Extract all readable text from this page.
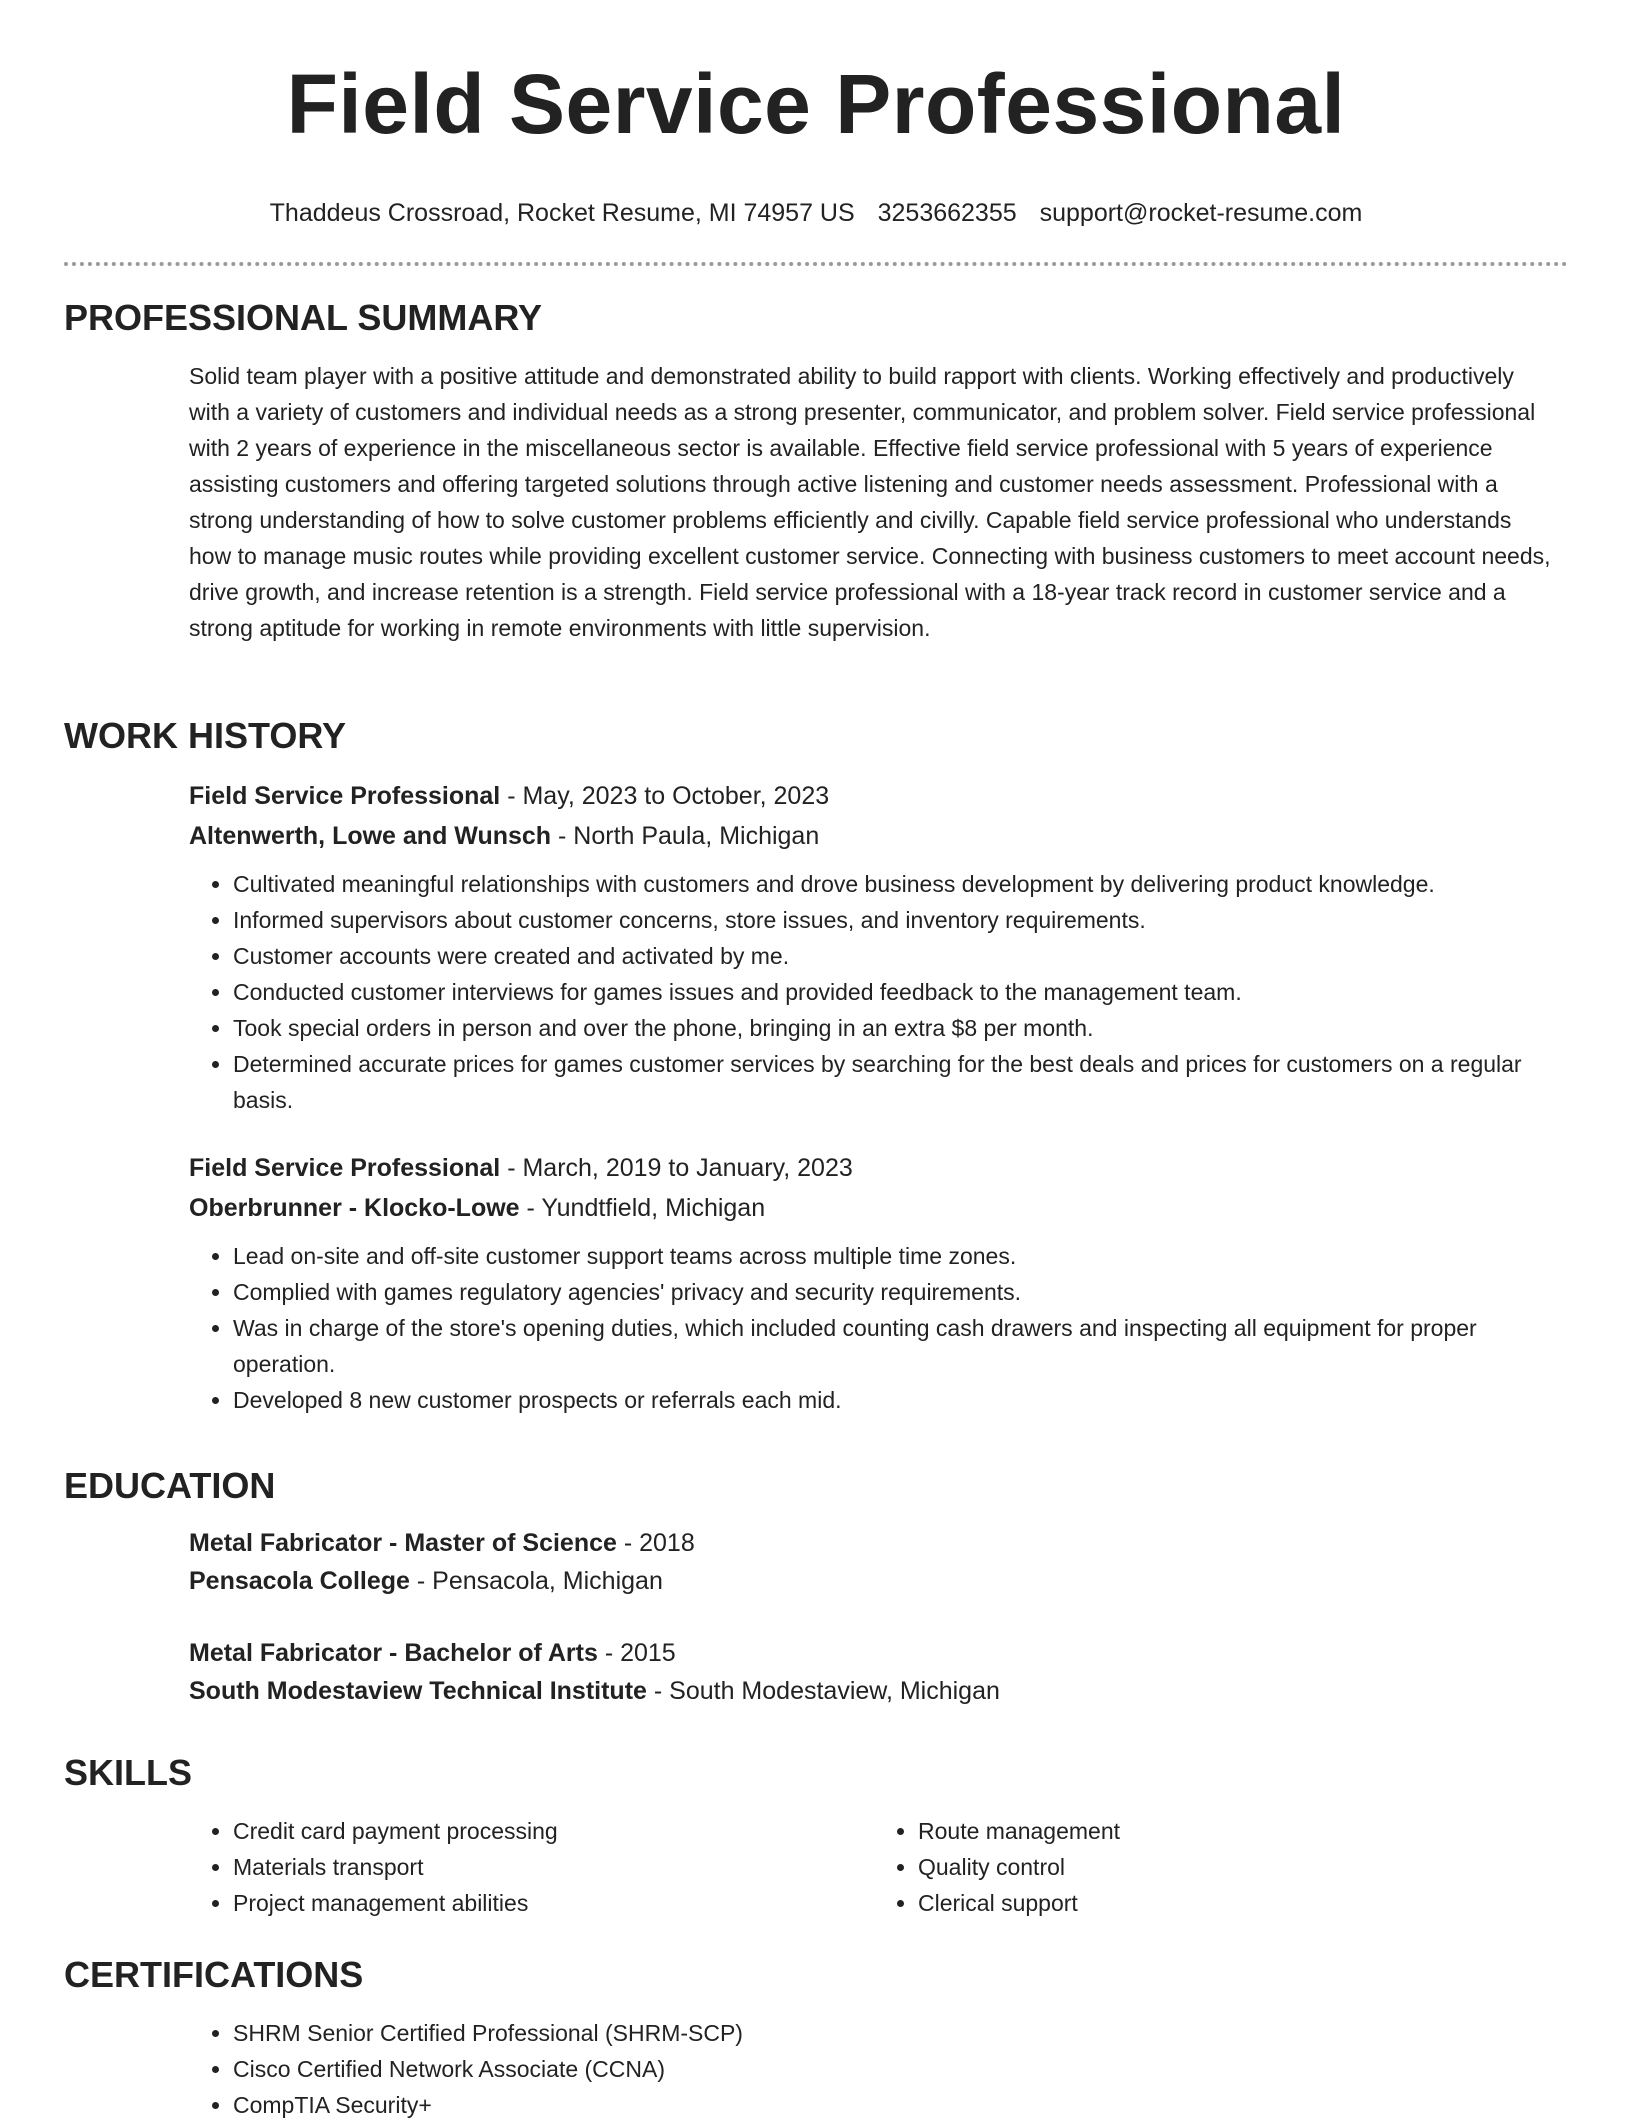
Field Service Professional
Thaddeus Crossroad, Rocket Resume, MI 74957 US 3253662355 support@rocket-resume.com
PROFESSIONAL SUMMARY
Solid team player with a positive attitude and demonstrated ability to build rapport with clients. Working effectively and productively with a variety of customers and individual needs as a strong presenter, communicator, and problem solver. Field service professional with 2 years of experience in the miscellaneous sector is available. Effective field service professional with 5 years of experience assisting customers and offering targeted solutions through active listening and customer needs assessment. Professional with a strong understanding of how to solve customer problems efficiently and civilly. Capable field service professional who understands how to manage music routes while providing excellent customer service. Connecting with business customers to meet account needs, drive growth, and increase retention is a strength. Field service professional with a 18-year track record in customer service and a strong aptitude for working in remote environments with little supervision.
WORK HISTORY
Field Service Professional - May, 2023 to October, 2023
Altenwerth, Lowe and Wunsch - North Paula, Michigan
• Cultivated meaningful relationships with customers and drove business development by delivering product knowledge.
• Informed supervisors about customer concerns, store issues, and inventory requirements.
• Customer accounts were created and activated by me.
• Conducted customer interviews for games issues and provided feedback to the management team.
• Took special orders in person and over the phone, bringing in an extra $8 per month.
• Determined accurate prices for games customer services by searching for the best deals and prices for customers on a regular basis.
Field Service Professional - March, 2019 to January, 2023
Oberbrunner - Klocko-Lowe - Yundtfield, Michigan
• Lead on-site and off-site customer support teams across multiple time zones.
• Complied with games regulatory agencies' privacy and security requirements.
• Was in charge of the store's opening duties, which included counting cash drawers and inspecting all equipment for proper operation.
• Developed 8 new customer prospects or referrals each mid.
EDUCATION
Metal Fabricator - Master of Science - 2018
Pensacola College - Pensacola, Michigan
Metal Fabricator - Bachelor of Arts - 2015
South Modestaview Technical Institute - South Modestaview, Michigan
SKILLS
• Credit card payment processing
• Materials transport
• Project management abilities
• Route management
• Quality control
• Clerical support
CERTIFICATIONS
• SHRM Senior Certified Professional (SHRM-SCP)
• Cisco Certified Network Associate (CCNA)
• CompTIA Security+
